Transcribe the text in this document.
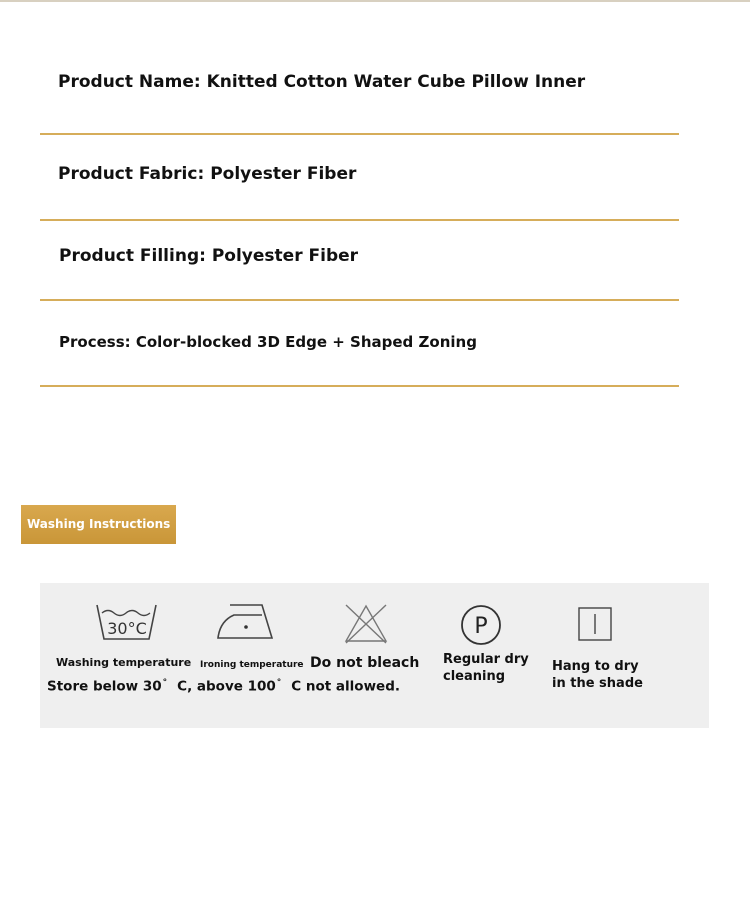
Product Name: Knitted Cotton Water Cube Pillow Inner
Product Fabric: Polyester Fiber
Product Filling: Polyester Fiber
Process: Color-blocked 3D Edge + Shaped Zoning
Washing Instructions
30°C
Washing temperature Ironing temperature Do not bleach
P
Regular dry
cleaning
Hang to dry
in the shade
Store below 30° C, above 100° C not allowed.
